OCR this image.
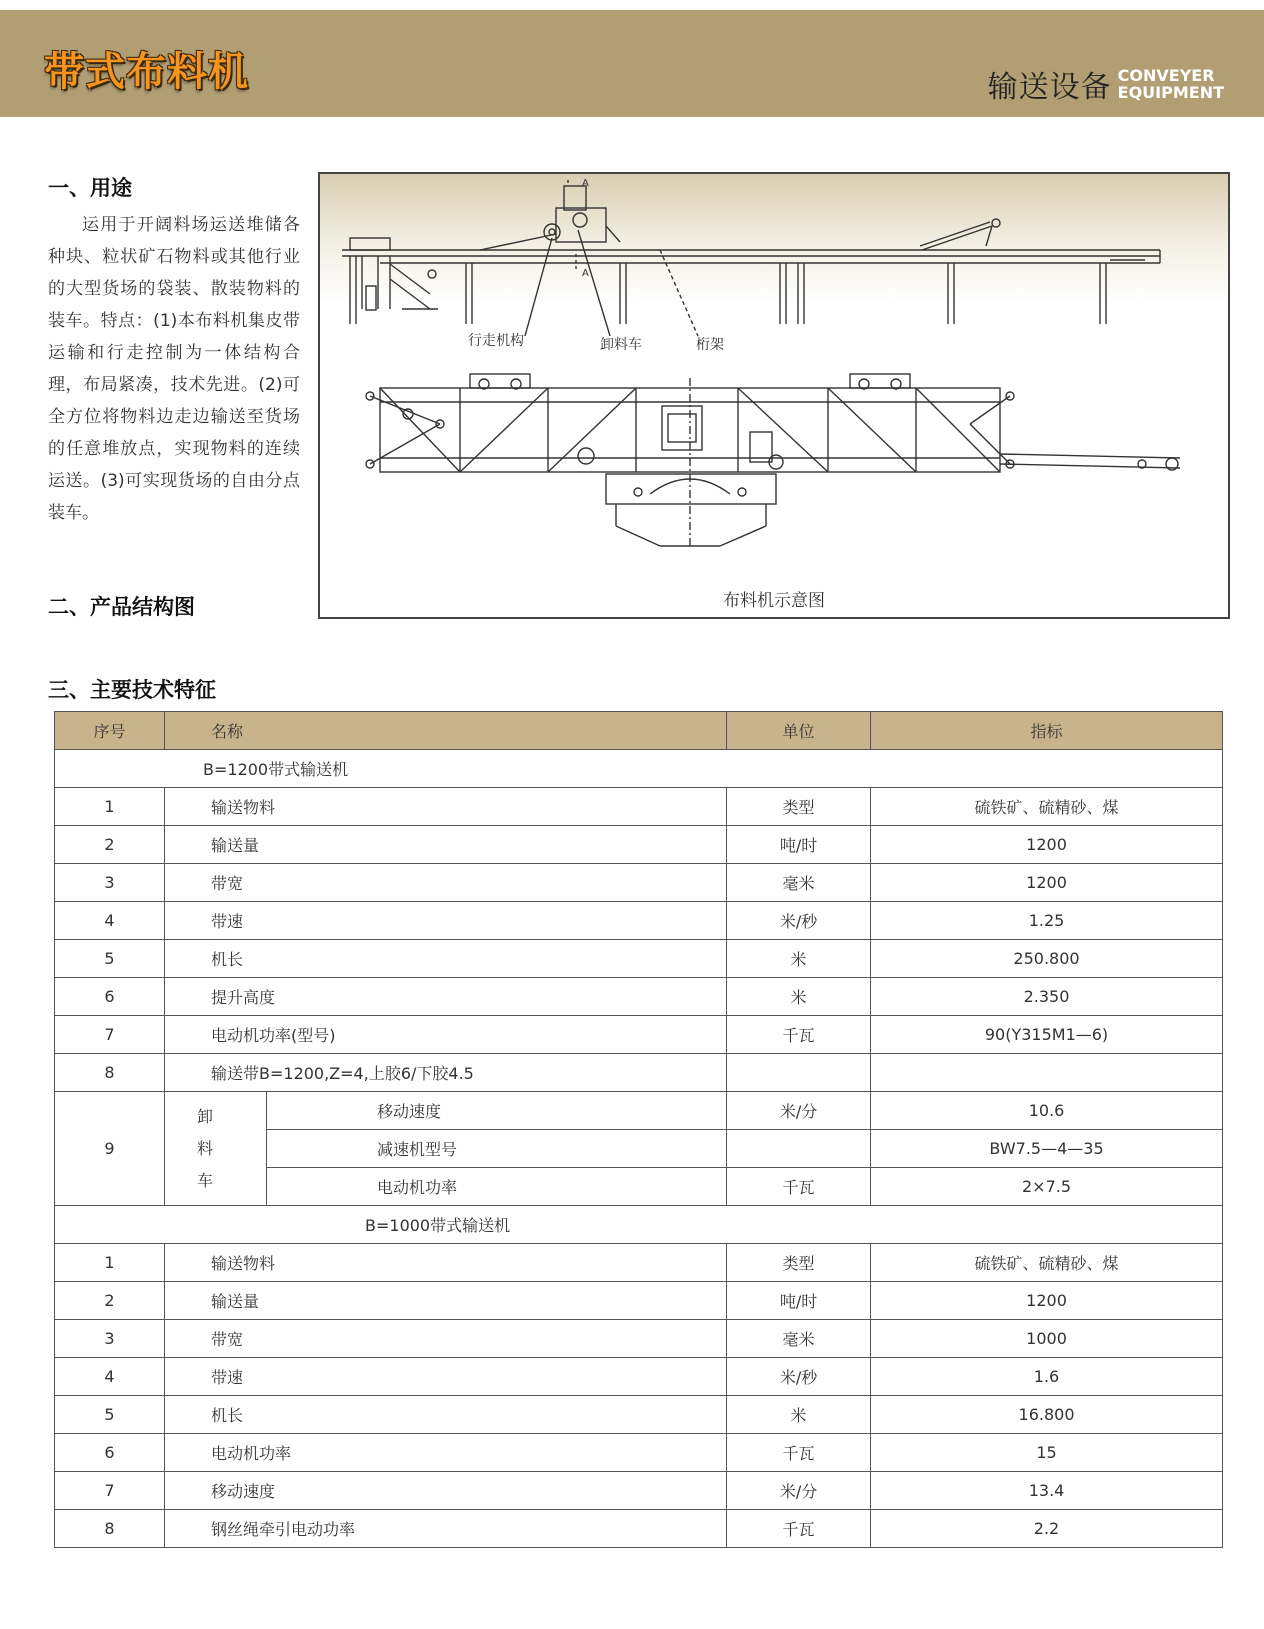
带式布料机	输送设备 CONVEYER
EQUIPMENT
一、用途

运用于开阔料场运送堆储各种块、粒状矿石物料或其他行业的大型货场的袋装、散装物料的装车。特点：(1)本布料机集皮带运输和行走控制为一体结构合理，布局紧凑，技术先进。(2)可全方位将物料边走边输送至货场的任意堆放点，实现物料的连续运送。(3)可实现货场的自由分点装车。

二、产品结构图
A
A
行走机构	卸料车	桁架
布料机示意图
三、主要技术特征
序号	名称		单位	指标
B=1200带式输送机				
1	输送物料		类型	硫铁矿、硫精砂、煤
2	输送量		吨/时	1200
3	带宽		毫米	1200
4	带速		米/秒	1.25
5	机长		米	250.800
6	提升高度		米	2.350
7	电动机功率(型号)		千瓦	90(Y315M1—6)
8	输送带B=1200,Z=4,上胶6/下胶4.5			
9	卸
料
车	移动速度	米/分	10.6
		减速机型号		BW7.5—4—35
		电动机功率	千瓦	2×7.5
B=1000带式输送机				
1	输送物料		类型	硫铁矿、硫精砂、煤
2	输送量		吨/时	1200
3	带宽		毫米	1000
4	带速		米/秒	1.6
5	机长		米	16.800
6	电动机功率		千瓦	15
7	移动速度		米/分	13.4
8	钢丝绳牵引电动功率		千瓦	2.2
